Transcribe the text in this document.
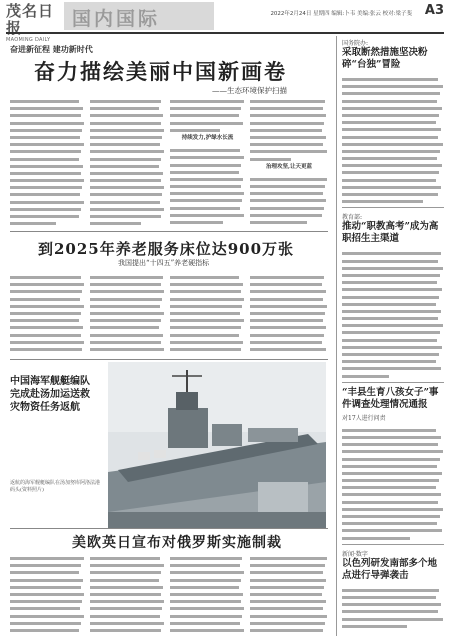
茂名日报
MAOMING DAILY
国内国际	2022年2月24日 星期四 编辑:卜韦 美编:张云 校对:梁子斐 A3
奋进新征程 建功新时代
奋力描绘美丽中国新画卷
——生态环境保护扫描
持续发力,护绿水长流
治理攻坚,让天更蓝
到2025年养老服务床位达900万张
我国提出“十四五”养老硬指标
中国海军舰艇编队完成赴汤加运送救灾物资任务返航
返航的海军舰艇编队在汤加努库阿洛法港码头(资料照片)
美欧英日宣布对俄罗斯实施制裁
国务院办:
采取断然措施坚决粉碎“台独”冒险
教育部:
推动“职教高考”成为高职招生主渠道
“丰县生育八孩女子”事件调查处理情况通报
对17人进行问责
新闻·数字
以色列研发南部多个地点进行导弹袭击
